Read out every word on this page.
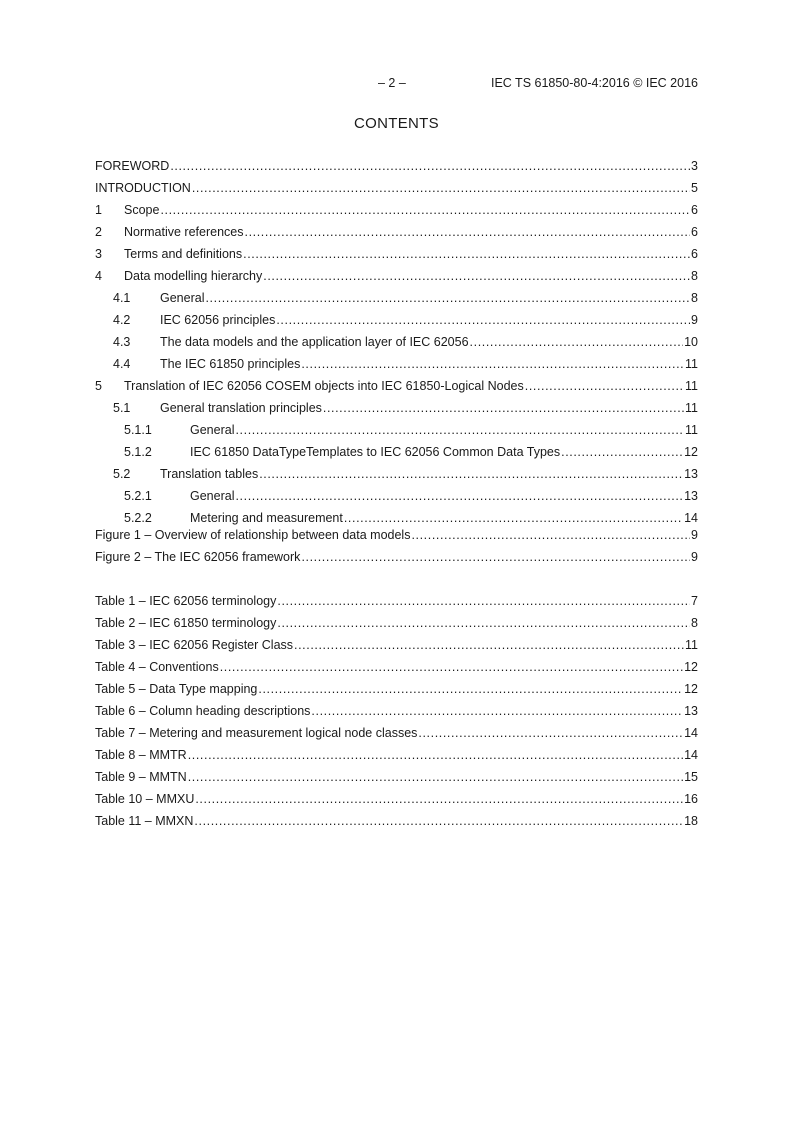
– 2 –	IEC TS 61850-80-4:2016 © IEC 2016
CONTENTS
FOREWORD .....	3
INTRODUCTION .....	5
1	Scope .....	6
2	Normative references .....	6
3	Terms and definitions .....	6
4	Data modelling hierarchy .....	8
4.1	General .....	8
4.2	IEC 62056 principles .....	9
4.3	The data models and the application layer of IEC 62056 .....	10
4.4	The IEC 61850 principles .....	11
5	Translation of IEC 62056 COSEM objects into IEC 61850-Logical Nodes .....	11
5.1	General translation principles .....	11
5.1.1	General .....	11
5.1.2	IEC 61850 DataTypeTemplates to IEC 62056 Common Data Types .....	12
5.2	Translation tables .....	13
5.2.1	General .....	13
5.2.2	Metering and measurement .....	14
Figure 1 – Overview of relationship between data models .....	9
Figure 2 – The IEC 62056 framework .....	9
Table 1 – IEC 62056 terminology .....	7
Table 2 – IEC 61850 terminology .....	8
Table 3 – IEC 62056 Register Class .....	11
Table 4 – Conventions .....	12
Table 5 – Data Type mapping .....	12
Table 6 – Column heading descriptions .....	13
Table 7 – Metering and measurement logical node classes .....	14
Table 8 – MMTR .....	14
Table 9 – MMTN .....	15
Table 10 – MMXU .....	16
Table 11 – MMXN .....	18
